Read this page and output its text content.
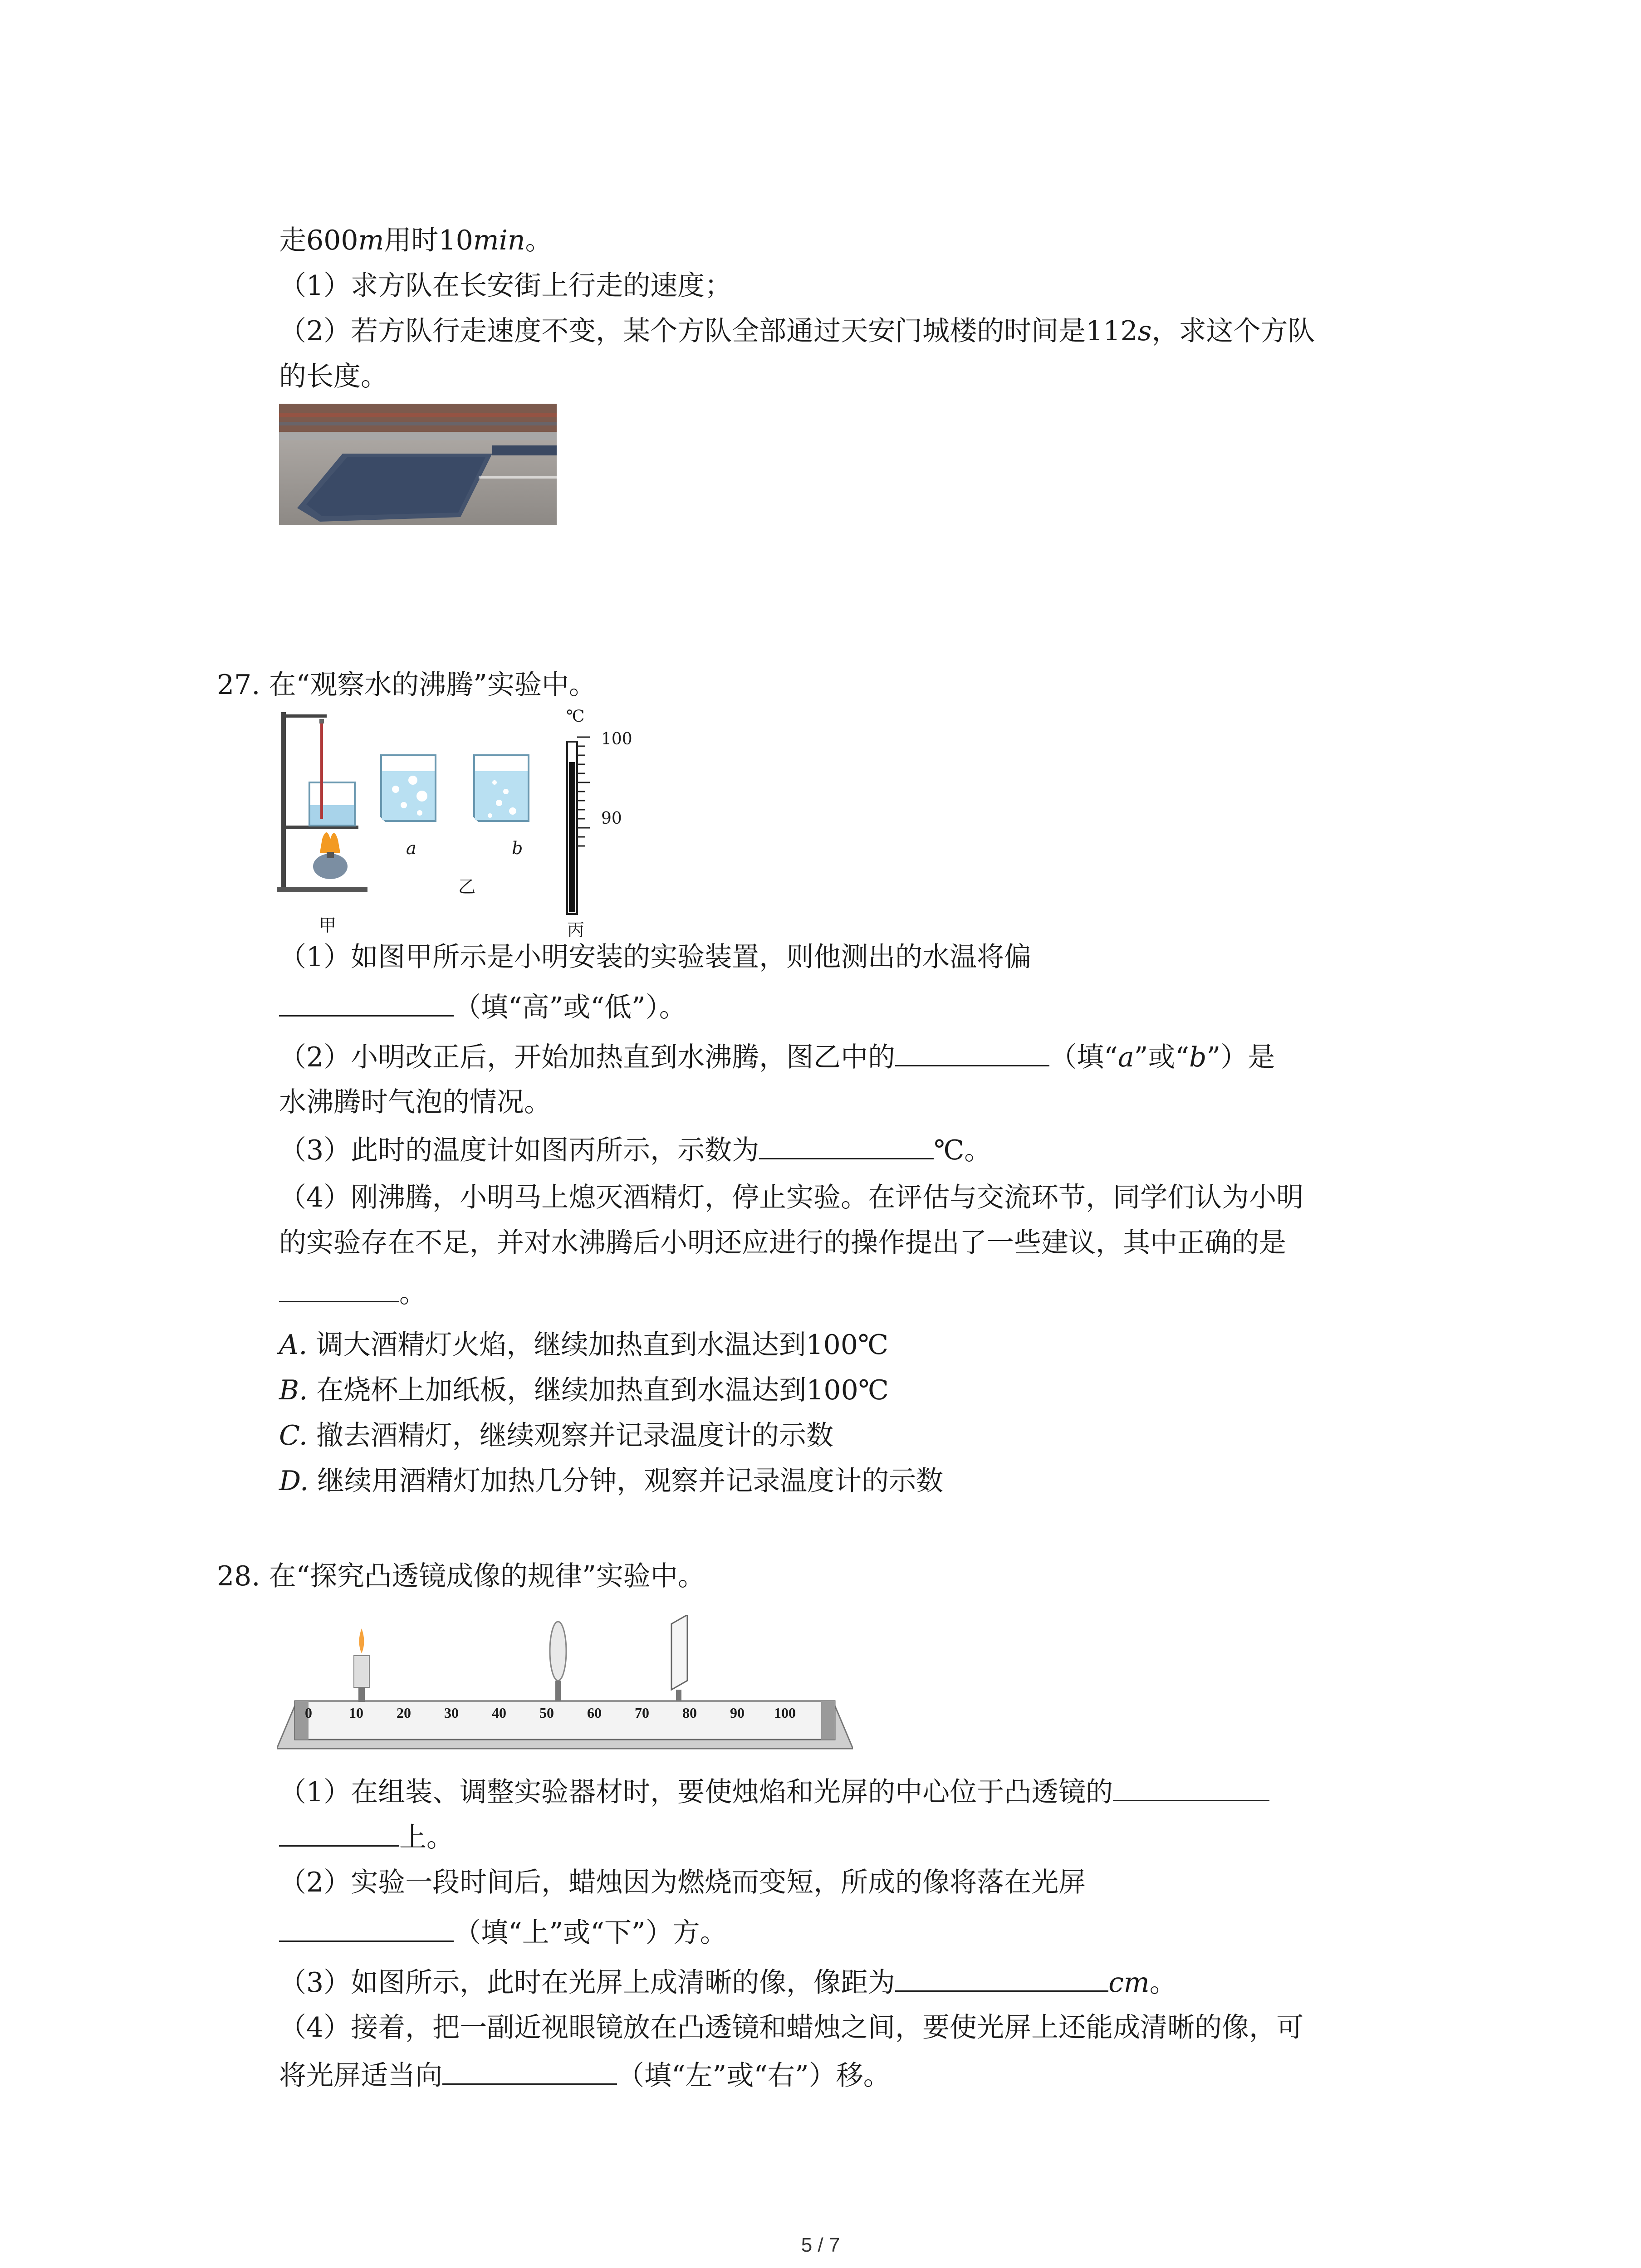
走600m用时10min。
（1）求方队在长安街上行走的速度；
（2）若方队行走速度不变，某个方队全部通过天安门城楼的时间是112s，求这个方队
的长度。
27. 在“观察水的沸腾”实验中。
℃
100
90
a	b
乙
甲	丙
（1）如图甲所示是小明安装的实验装置，则他测出的水温将偏
（填“高”或“低”）。
（2）小明改正后，开始加热直到水沸腾，图乙中的	（填“a”或“b”）是
水沸腾时气泡的情况。
（3）此时的温度计如图丙所示，示数为	℃。
（4）刚沸腾，小明马上熄灭酒精灯，停止实验。在评估与交流环节，同学们认为小明
的实验存在不足，并对水沸腾后小明还应进行的操作提出了一些建议，其中正确的是
。
A. 调大酒精灯火焰，继续加热直到水温达到100℃
B. 在烧杯上加纸板，继续加热直到水温达到100℃
C. 撤去酒精灯，继续观察并记录温度计的示数
D. 继续用酒精灯加热几分钟，观察并记录温度计的示数
28. 在“探究凸透镜成像的规律”实验中。
0	10 20 30 40 50 60 70 80 90 100
（1）在组装、调整实验器材时，要使烛焰和光屏的中心位于凸透镜的
上。
（2）实验一段时间后，蜡烛因为燃烧而变短，所成的像将落在光屏
（填“上”或“下”）方。
（3）如图所示，此时在光屏上成清晰的像，像距为	cm。
（4）接着，把一副近视眼镜放在凸透镜和蜡烛之间，要使光屏上还能成清晰的像，可
将光屏适当向	（填“左”或“右”）移。
5 / 7
